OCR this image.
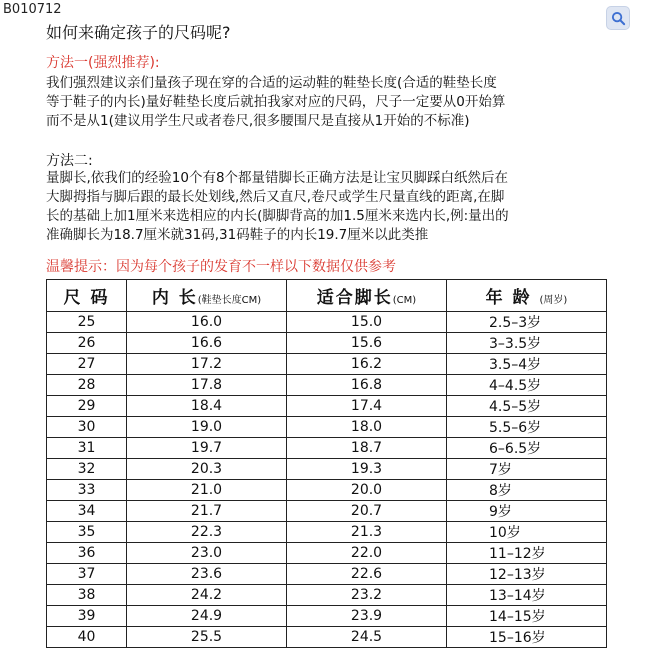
B010712
如何来确定孩子的尺码呢?
方法一(强烈推荐):
我们强烈建议亲们量孩子现在穿的合适的运动鞋的鞋垫长度(合适的鞋垫长度
等于鞋子的内长)量好鞋垫长度后就拍我家对应的尺码，尺子一定要从0开始算
而不是从1(建议用学生尺或者卷尺,很多腰围尺是直接从1开始的不标准)
方法二:
量脚长,依我们的经验10个有8个都量错脚长正确方法是让宝贝脚踩白纸然后在
大脚拇指与脚后跟的最长处划线,然后又直尺,卷尺或学生尺量直线的距离,在脚
长的基础上加1厘米来选相应的内长(脚脚背高的加1.5厘米来选内长,例:量出的
准确脚长为18.7厘米就31码,31码鞋子的内长19.7厘米以此类推
温馨提示：因为每个孩子的发育不一样以下数据仅供参考
尺 码	内 长(鞋垫长度CM)	适合脚长(CM)	年 龄 (周岁)
25	16.0	15.0	2.5–3岁
26	16.6	15.6	3–3.5岁
27	17.2	16.2	3.5–4岁
28	17.8	16.8	4–4.5岁
29	18.4	17.4	4.5–5岁
30	19.0	18.0	5.5–6岁
31	19.7	18.7	6–6.5岁
32	20.3	19.3	7岁
33	21.0	20.0	8岁
34	21.7	20.7	9岁
35	22.3	21.3	10岁
36	23.0	22.0	11–12岁
37	23.6	22.6	12–13岁
38	24.2	23.2	13–14岁
39	24.9	23.9	14–15岁
40	25.5	24.5	15–16岁
